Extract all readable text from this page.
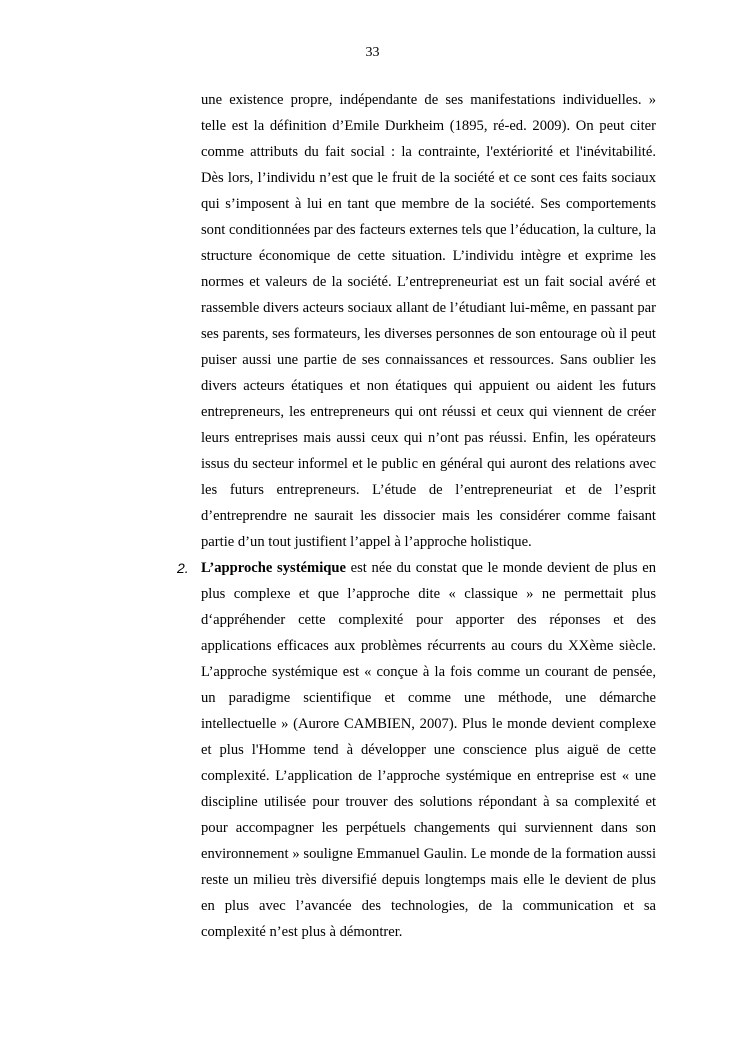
33

une existence propre, indépendante de ses manifestations individuelles. » telle est la définition d’Emile Durkheim (1895, ré-ed. 2009). On peut citer comme attributs du fait social : la contrainte, l'extériorité et l'inévitabilité. Dès lors, l’individu n’est que le fruit de la société et ce sont ces faits sociaux qui s’imposent à lui en tant que membre de la société. Ses comportements sont conditionnées par des facteurs externes tels que l’éducation, la culture, la structure économique de cette situation. L’individu intègre et exprime les normes et valeurs de la société. L’entrepreneuriat est un fait social avéré et rassemble divers acteurs sociaux allant de l’étudiant lui-même, en passant par ses parents, ses formateurs, les diverses personnes de son entourage où il peut puiser aussi une partie de ses connaissances et ressources. Sans oublier les divers acteurs étatiques et non étatiques qui appuient ou aident les futurs entrepreneurs, les entrepreneurs qui ont réussi et ceux qui viennent de créer leurs entreprises mais aussi ceux qui n’ont pas réussi. Enfin, les opérateurs issus du secteur informel et le public en général qui auront des relations avec les futurs entrepreneurs. L’étude de l’entrepreneuriat et de l’esprit d’entreprendre ne saurait les dissocier mais les considérer comme faisant partie d’un tout justifient l’appel à l’approche holistique.

2. L’approche systémique est née du constat que le monde devient de plus en plus complexe et que l’approche dite « classique » ne permettait plus d‘appréhender cette complexité pour apporter des réponses et des applications efficaces aux problèmes récurrents au cours du XXème siècle. L’approche systémique est « conçue à la fois comme un courant de pensée, un paradigme scientifique et comme une méthode, une démarche intellectuelle » (Aurore CAMBIEN, 2007). Plus le monde devient complexe et plus l'Homme tend à développer une conscience plus aiguë de cette complexité. L’application de l’approche systémique en entreprise est « une discipline utilisée pour trouver des solutions répondant à sa complexité et pour accompagner les perpétuels changements qui surviennent dans son environnement » souligne Emmanuel Gaulin. Le monde de la formation aussi reste un milieu très diversifié depuis longtemps mais elle le devient de plus en plus avec l’avancée des technologies, de la communication et sa complexité n’est plus à démontrer.
